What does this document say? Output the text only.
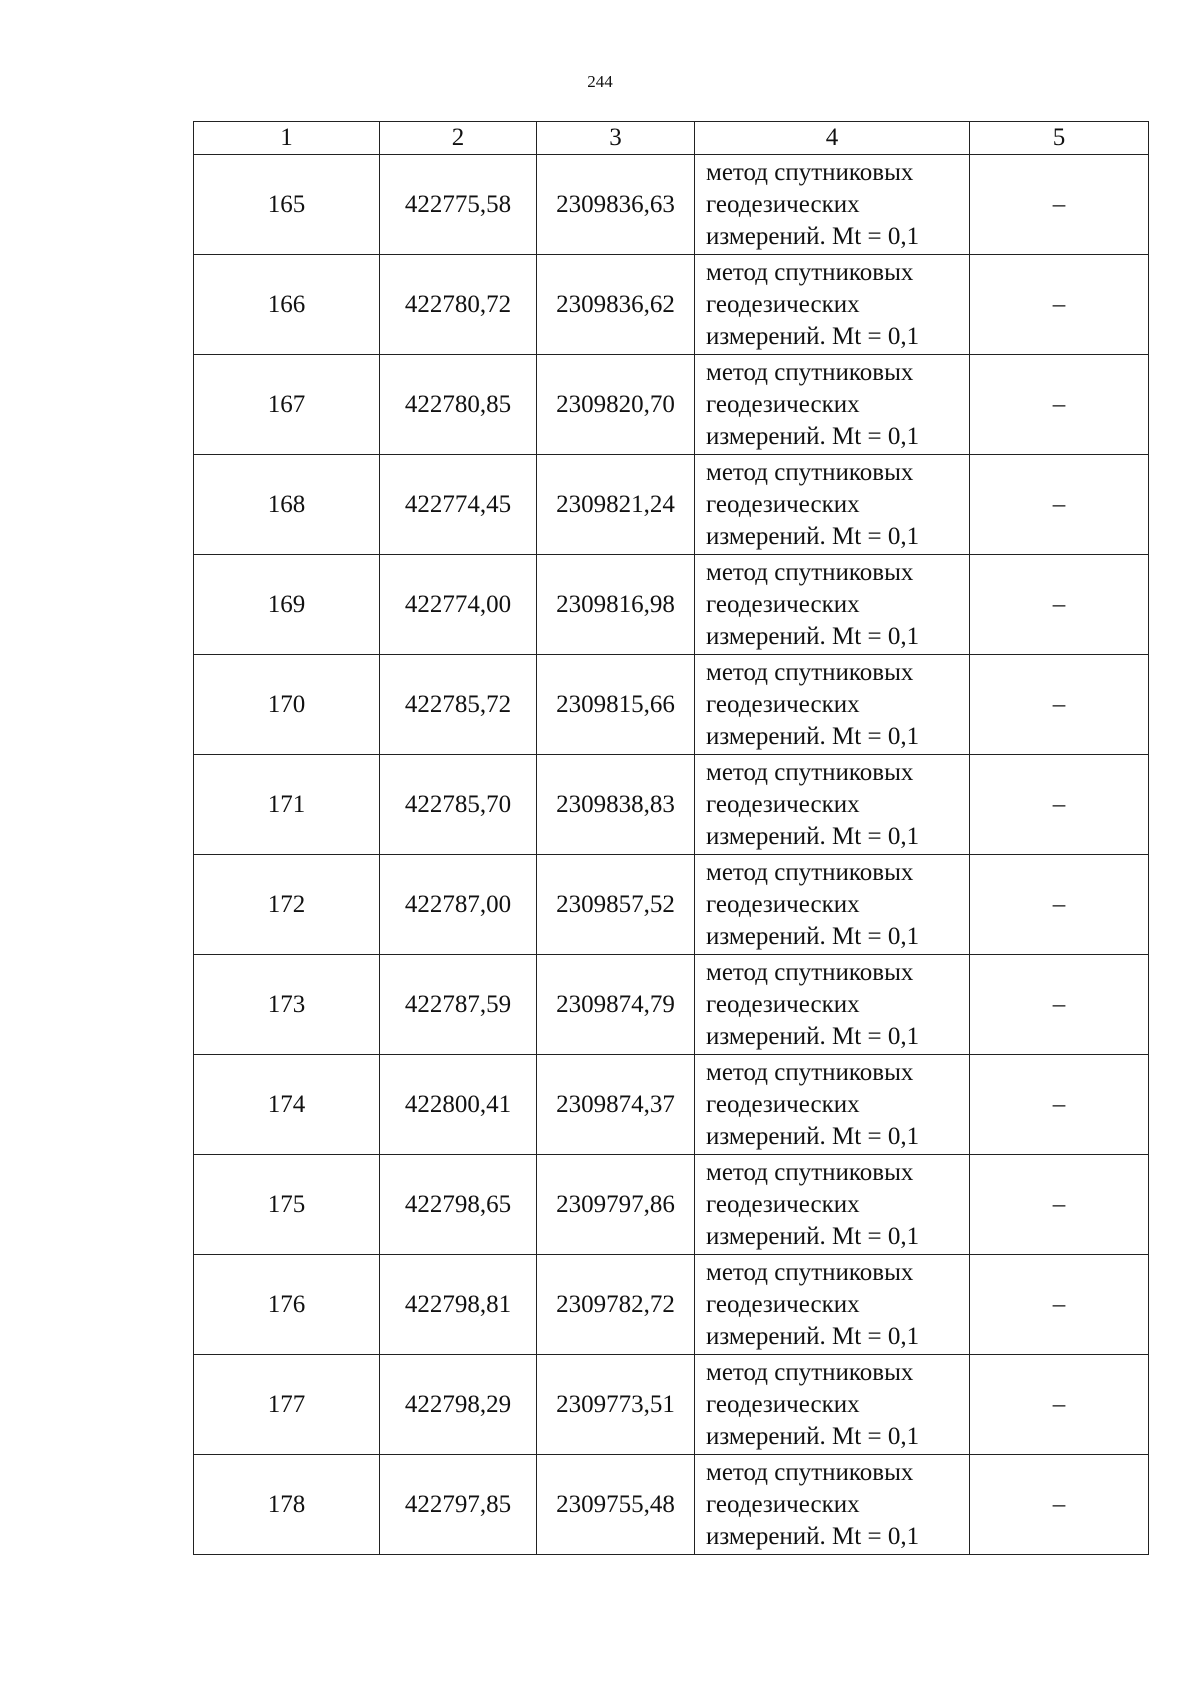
244
1	2	3	4	5
165	422775,58	2309836,63	метод спутниковых
геодезических
измерений. Mt = 0,1	–
166	422780,72	2309836,62	метод спутниковых
геодезических
измерений. Mt = 0,1	–
167	422780,85	2309820,70	метод спутниковых
геодезических
измерений. Mt = 0,1	–
168	422774,45	2309821,24	метод спутниковых
геодезических
измерений. Mt = 0,1	–
169	422774,00	2309816,98	метод спутниковых
геодезических
измерений. Mt = 0,1	–
170	422785,72	2309815,66	метод спутниковых
геодезических
измерений. Mt = 0,1	–
171	422785,70	2309838,83	метод спутниковых
геодезических
измерений. Mt = 0,1	–
172	422787,00	2309857,52	метод спутниковых
геодезических
измерений. Mt = 0,1	–
173	422787,59	2309874,79	метод спутниковых
геодезических
измерений. Mt = 0,1	–
174	422800,41	2309874,37	метод спутниковых
геодезических
измерений. Mt = 0,1	–
175	422798,65	2309797,86	метод спутниковых
геодезических
измерений. Mt = 0,1	–
176	422798,81	2309782,72	метод спутниковых
геодезических
измерений. Mt = 0,1	–
177	422798,29	2309773,51	метод спутниковых
геодезических
измерений. Mt = 0,1	–
178	422797,85	2309755,48	метод спутниковых
геодезических
измерений. Mt = 0,1	–
